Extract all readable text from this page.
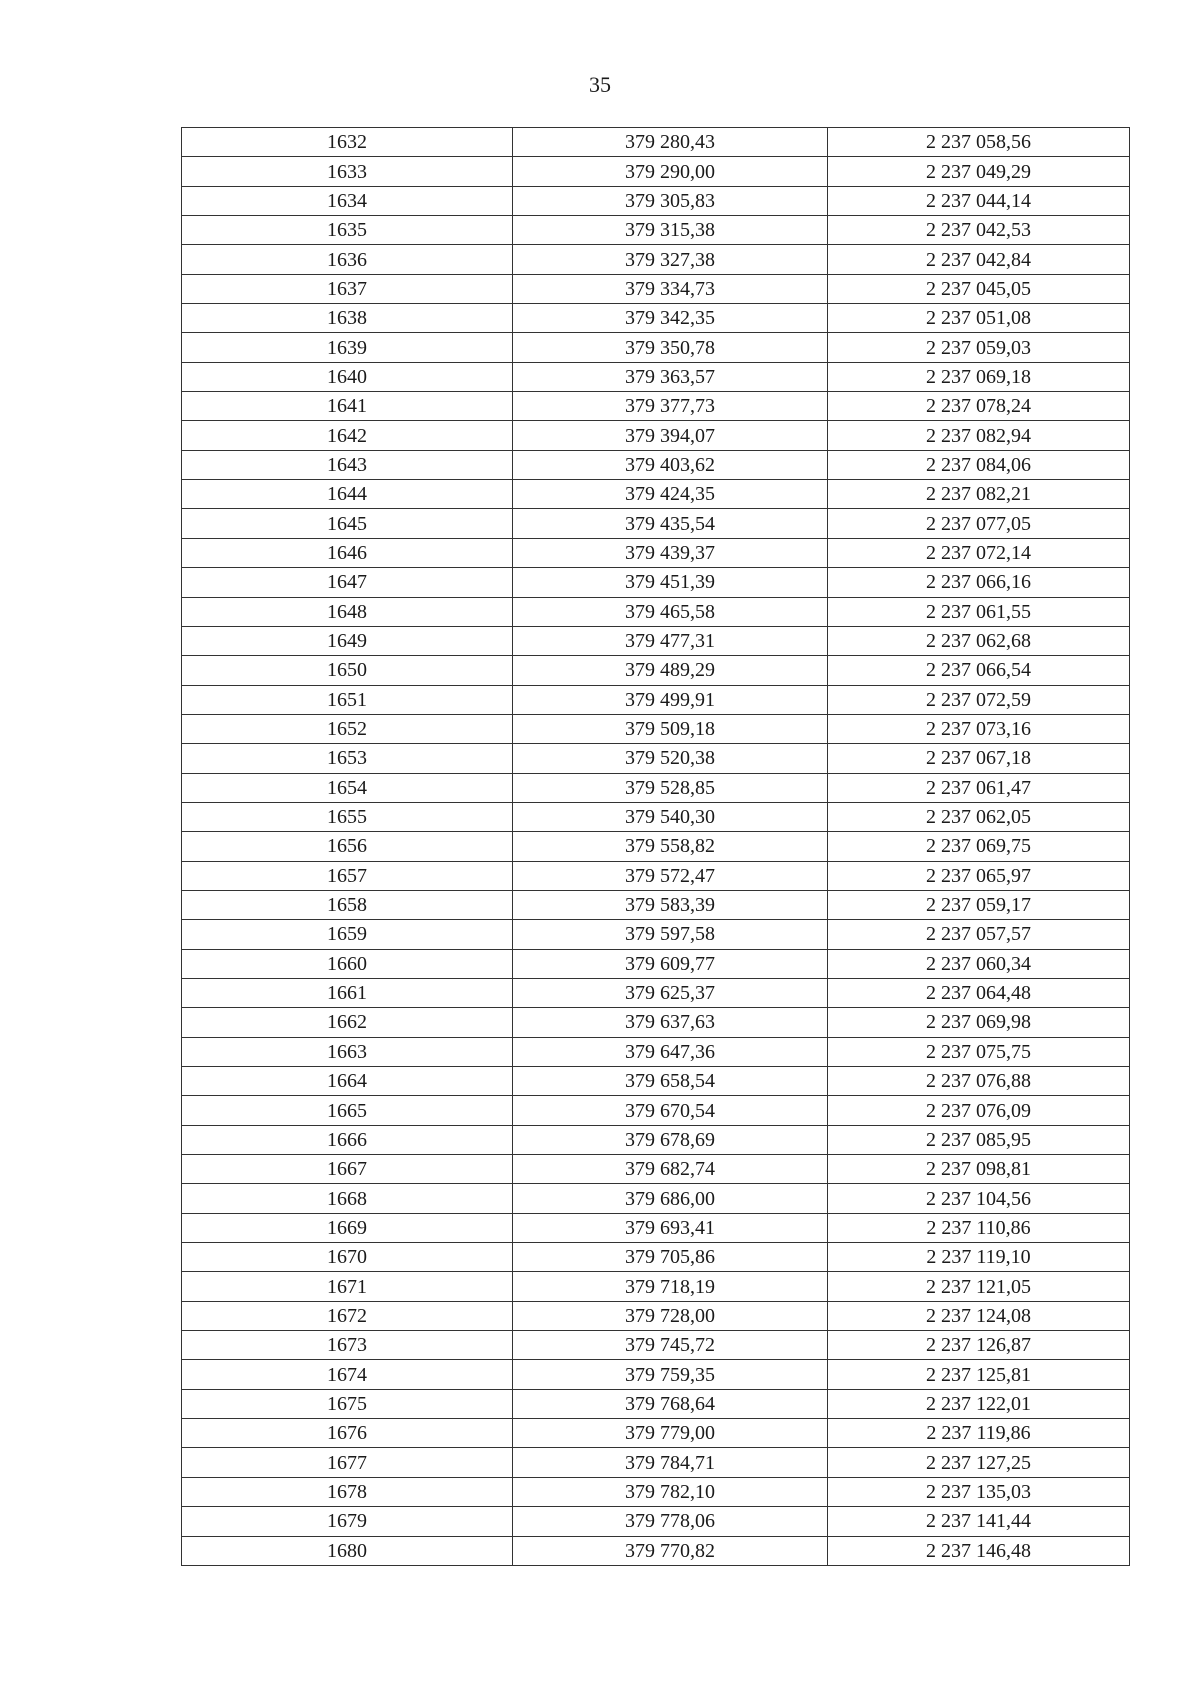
35
1632	379 280,43	2 237 058,56
1633	379 290,00	2 237 049,29
1634	379 305,83	2 237 044,14
1635	379 315,38	2 237 042,53
1636	379 327,38	2 237 042,84
1637	379 334,73	2 237 045,05
1638	379 342,35	2 237 051,08
1639	379 350,78	2 237 059,03
1640	379 363,57	2 237 069,18
1641	379 377,73	2 237 078,24
1642	379 394,07	2 237 082,94
1643	379 403,62	2 237 084,06
1644	379 424,35	2 237 082,21
1645	379 435,54	2 237 077,05
1646	379 439,37	2 237 072,14
1647	379 451,39	2 237 066,16
1648	379 465,58	2 237 061,55
1649	379 477,31	2 237 062,68
1650	379 489,29	2 237 066,54
1651	379 499,91	2 237 072,59
1652	379 509,18	2 237 073,16
1653	379 520,38	2 237 067,18
1654	379 528,85	2 237 061,47
1655	379 540,30	2 237 062,05
1656	379 558,82	2 237 069,75
1657	379 572,47	2 237 065,97
1658	379 583,39	2 237 059,17
1659	379 597,58	2 237 057,57
1660	379 609,77	2 237 060,34
1661	379 625,37	2 237 064,48
1662	379 637,63	2 237 069,98
1663	379 647,36	2 237 075,75
1664	379 658,54	2 237 076,88
1665	379 670,54	2 237 076,09
1666	379 678,69	2 237 085,95
1667	379 682,74	2 237 098,81
1668	379 686,00	2 237 104,56
1669	379 693,41	2 237 110,86
1670	379 705,86	2 237 119,10
1671	379 718,19	2 237 121,05
1672	379 728,00	2 237 124,08
1673	379 745,72	2 237 126,87
1674	379 759,35	2 237 125,81
1675	379 768,64	2 237 122,01
1676	379 779,00	2 237 119,86
1677	379 784,71	2 237 127,25
1678	379 782,10	2 237 135,03
1679	379 778,06	2 237 141,44
1680	379 770,82	2 237 146,48
